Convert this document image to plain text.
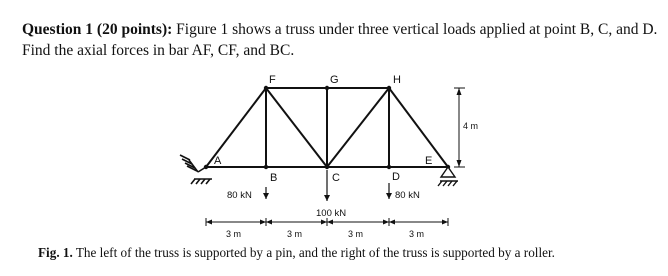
Question 1 (20 points): Figure 1 shows a truss under three vertical loads applied at point B, C, and D. Find the axial forces in bar AF, CF, and BC.

A
B	C	D
E
F	G	H
80 kN
100 kN
80 kN
3 m	3 m	3 m	3 m
4 m

Fig. 1. The left of the truss is supported by a pin, and the right of the truss is supported by a roller.
